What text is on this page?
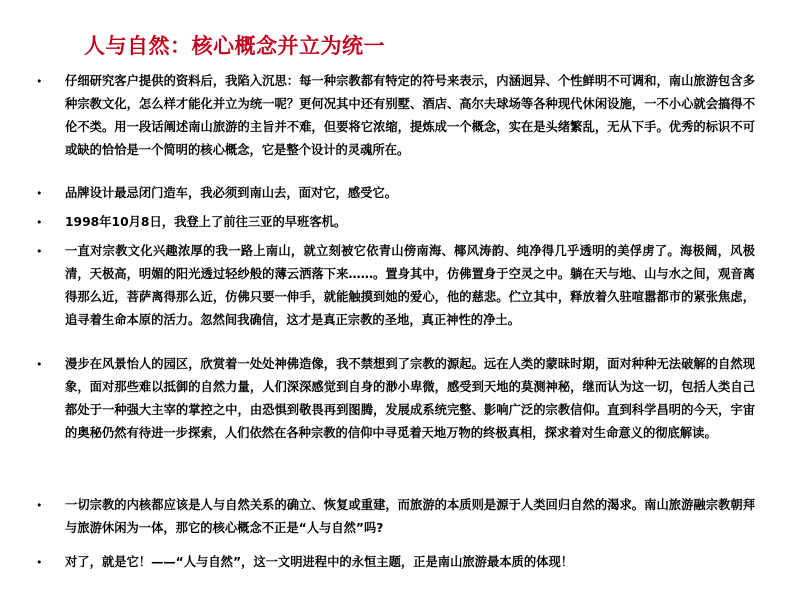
人与自然：核心概念并立为统一
• 仔细研究客户提供的资料后，我陷入沉思：每一种宗教都有特定的符号来表示，内涵迥异、个性鲜明不可调和，南山旅游包含多种宗教文化，怎么样才能化并立为统一呢？更何况其中还有别墅、酒店、高尔夫球场等各种现代休闲设施，一不小心就会搞得不伦不类。用一段话阐述南山旅游的主旨并不难，但要将它浓缩，提炼成一个概念，实在是头绪繁乱，无从下手。优秀的标识不可或缺的恰恰是一个简明的核心概念，它是整个设计的灵魂所在。
• 品牌设计最忌闭门造车，我必须到南山去，面对它，感受它。
• 1998年10月8日，我登上了前往三亚的早班客机。
• 一直对宗教文化兴趣浓厚的我一路上南山，就立刻被它依青山傍南海、椰风涛韵、纯净得几乎透明的美俘虏了。海极阔，风极清，天极高，明媚的阳光透过轻纱般的薄云洒落下来……。置身其中，仿佛置身于空灵之中。躺在天与地、山与水之间，观音离得那么近，菩萨离得那么近，仿佛只要一伸手，就能触摸到她的爱心，他的慈悲。伫立其中，释放着久驻喧嚣都市的紧张焦虑，追寻着生命本原的活力。忽然间我确信，这才是真正宗教的圣地，真正神性的净土。
• 漫步在风景怡人的园区，欣赏着一处处神佛造像，我不禁想到了宗教的源起。远在人类的蒙昧时期，面对种种无法破解的自然现象，面对那些难以抵御的自然力量，人们深深感觉到自身的渺小卑微，感受到天地的莫测神秘，继而认为这一切，包括人类自己都处于一种强大主宰的掌控之中，由恐惧到敬畏再到图腾，发展成系统完整、影响广泛的宗教信仰。直到科学昌明的今天，宇宙的奥秘仍然有待进一步探索，人们依然在各种宗教的信仰中寻觅着天地万物的终极真相，探求着对生命意义的彻底解读。
• 一切宗教的内核都应该是人与自然关系的确立、恢复或重建，而旅游的本质则是源于人类回归自然的渴求。南山旅游融宗教朝拜与旅游休闲为一体，那它的核心概念不正是“人与自然”吗?
• 对了，就是它！——“人与自然”，这一文明进程中的永恒主题，正是南山旅游最本质的体现！
